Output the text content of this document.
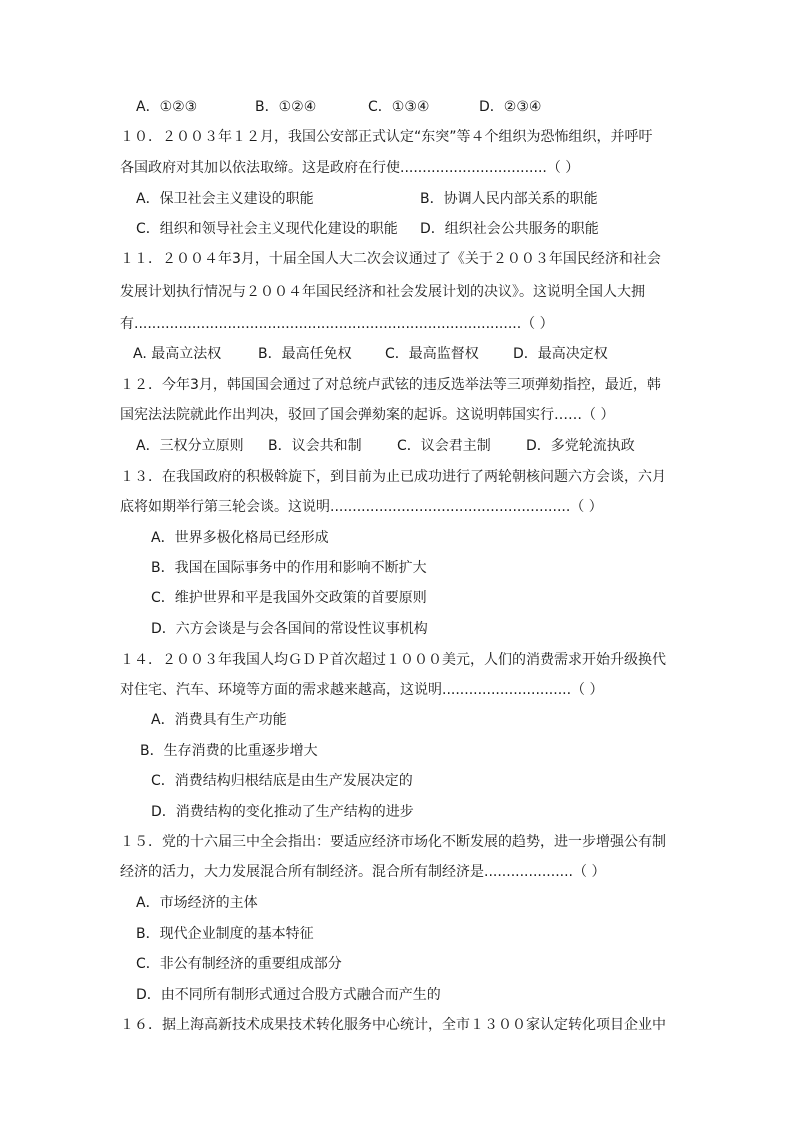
A．①②③	B．①②④	C．①③④	D．②③④
１０．２００３年１２月，我国公安部正式认定“东突”等４个组织为恐怖组织，并呼吁
各国政府对其加以依法取缔。这是政府在行使.................................（ ）
A．保卫社会主义建设的职能	B．协调人民内部关系的职能
C．组织和领导社会主义现代化建设的职能 D．组织社会公共服务的职能
１１．２００４年3月，十届全国人大二次会议通过了《关于２００３年国民经济和社会
发展计划执行情况与２００４年国民经济和社会发展计划的决议》。这说明全国人大拥
有.......................................................................................（ ）
A. 最高立法权	B．最高任免权 C．最高监督权 D．最高决定权
１２．今年3月，韩国国会通过了对总统卢武铉的违反选举法等三项弹劾指控，最近，韩
国宪法法院就此作出判决，驳回了国会弹劾案的起诉。这说明韩国实行……（ ）
A．三权分立原则 B．议会共和制	C．议会君主制	D．多党轮流执政
１３．在我国政府的积极斡旋下，到目前为止已成功进行了两轮朝核问题六方会谈，六月
底将如期举行第三轮会谈。这说明......................................................（ ）
A．世界多极化格局已经形成
B．我国在国际事务中的作用和影响不断扩大
C．维护世界和平是我国外交政策的首要原则
D．六方会谈是与会各国间的常设性议事机构
１４．２００３年我国人均ＧＤＰ首次超过１０００美元，人们的消费需求开始升级换代
对住宅、汽车、环境等方面的需求越来越高，这说明.............................（ ）
A．消费具有生产功能
B．生存消费的比重逐步增大
C．消费结构归根结底是由生产发展决定的
D．消费结构的变化推动了生产结构的进步
１５．党的十六届三中全会指出：要适应经济市场化不断发展的趋势，进一步增强公有制
经济的活力，大力发展混合所有制经济。混合所有制经济是....................（ ）
A．市场经济的主体
B．现代企业制度的基本特征
C．非公有制经济的重要组成部分
D．由不同所有制形式通过合股方式融合而产生的
１６．据上海高新技术成果技术转化服务中心统计，全市１３００家认定转化项目企业中
